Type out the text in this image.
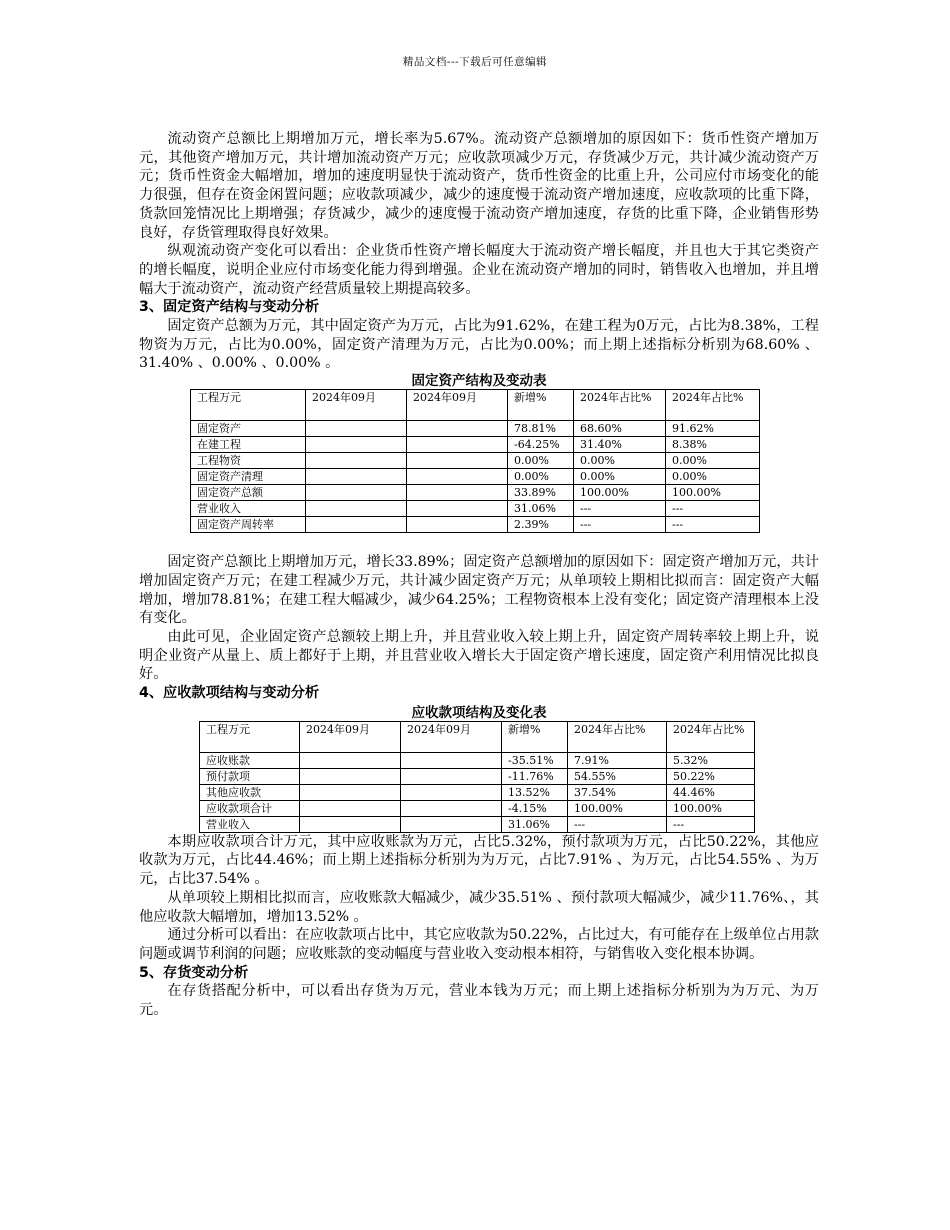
精品文档---下载后可任意编辑

流动资产总额比上期增加万元，增长率为5.67%。流动资产总额增加的原因如下：货币性资产增加万元，其他资产增加万元，共计增加流动资产万元；应收款项减少万元，存货减少万元，共计减少流动资产万元；货币性资金大幅增加，增加的速度明显快于流动资产，货币性资金的比重上升，公司应付市场变化的能力很强，但存在资金闲置问题；应收款项减少，减少的速度慢于流动资产增加速度，应收款项的比重下降，货款回笼情况比上期增强；存货减少，减少的速度慢于流动资产增加速度，存货的比重下降，企业销售形势良好，存货管理取得良好效果。

纵观流动资产变化可以看出：企业货币性资产增长幅度大于流动资产增长幅度，并且也大于其它类资产的增长幅度，说明企业应付市场变化能力得到增强。企业在流动资产增加的同时，销售收入也增加，并且增幅大于流动资产，流动资产经营质量较上期提高较多。

3、固定资产结构与变动分析

固定资产总额为万元，其中固定资产为万元，占比为91.62%，在建工程为0万元，占比为8.38%，工程物资为万元，占比为0.00%，固定资产清理为万元，占比为0.00%；而上期上述指标分析别为68.60% 、31.40% 、0.00% 、0.00% 。

固定资产结构及变动表
工程万元	2024年09月	2024年09月	新增%	2024年占比%	2024年占比%
固定资产			78.81%	68.60%	91.62%
在建工程			-64.25%	31.40%	8.38%
工程物资			0.00%	0.00%	0.00%
固定资产清理			0.00%	0.00%	0.00%
固定资产总额			33.89%	100.00%	100.00%
营业收入			31.06%	---	---
固定资产周转率			2.39%	---	---

固定资产总额比上期增加万元，增长33.89%；固定资产总额增加的原因如下：固定资产增加万元，共计增加固定资产万元；在建工程减少万元，共计减少固定资产万元；从单项较上期相比拟而言：固定资产大幅增加，增加78.81%；在建工程大幅减少，减少64.25%；工程物资根本上没有变化；固定资产清理根本上没有变化。

由此可见，企业固定资产总额较上期上升，并且营业收入较上期上升，固定资产周转率较上期上升，说明企业资产从量上、质上都好于上期，并且营业收入增长大于固定资产增长速度，固定资产利用情况比拟良好。

4、应收款项结构与变动分析
应收款项结构及变化表
工程万元	2024年09月	2024年09月	新增%	2024年占比%	2024年占比%
应收账款			-35.51%	7.91%	5.32%
预付款项			-11.76%	54.55%	50.22%
其他应收款			13.52%	37.54%	44.46%
应收款项合计			-4.15%	100.00%	100.00%
营业收入			31.06%	---	---

本期应收款项合计万元，其中应收账款为万元，占比5.32%，预付款项为万元，占比50.22%，其他应收款为万元，占比44.46%；而上期上述指标分析别为为万元，占比7.91% 、为万元，占比54.55% 、为万元，占比37.54% 。

从单项较上期相比拟而言，应收账款大幅减少，减少35.51% 、预付款项大幅减少，减少11.76%、，其他应收款大幅增加，增加13.52% 。

通过分析可以看出：在应收款项占比中，其它应收款为50.22%，占比过大，有可能存在上级单位占用款问题或调节利润的问题；应收账款的变动幅度与营业收入变动根本相符，与销售收入变化根本协调。

5、存货变动分析

在存货搭配分析中，可以看出存货为万元，营业本钱为万元；而上期上述指标分析别为为万元、为万元。
